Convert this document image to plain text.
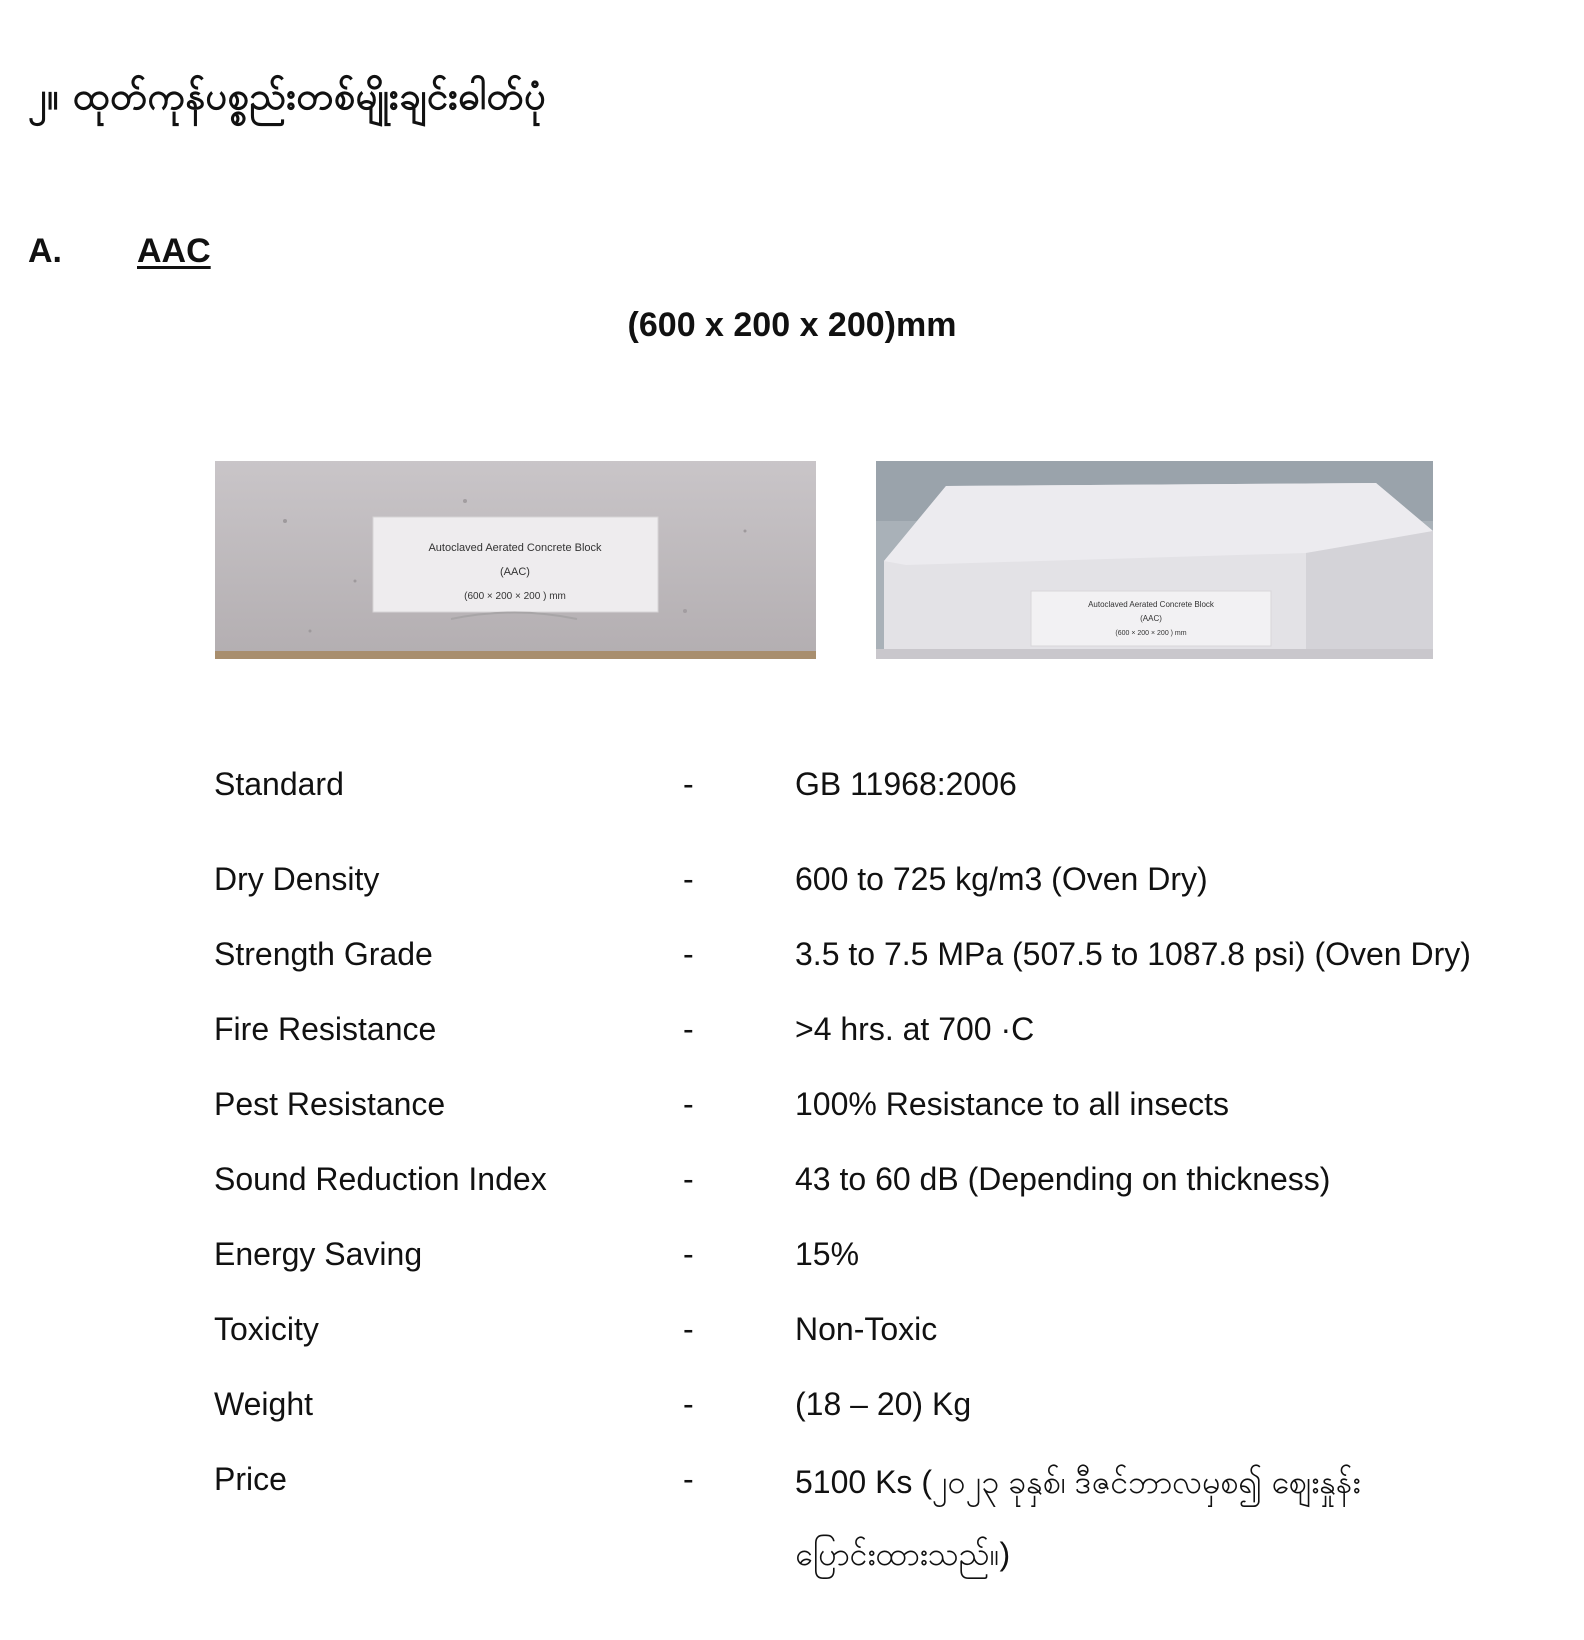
၂။ ထုတ်ကုန်ပစ္စည်းတစ်မျိုးချင်းဓါတ်ပုံ
A. AAC
(600 x 200 x 200)mm
Autoclaved Aerated Concrete Block
(AAC)
(600 × 200 × 200 ) mm
Autoclaved Aerated Concrete Block
(AAC)
(600 × 200 × 200 ) mm
Standard	-	GB 11968:2006
Dry Density	-	600 to 725 kg/m3 (Oven Dry)
Strength Grade	-	3.5 to 7.5 MPa (507.5 to 1087.8 psi) (Oven Dry)
Fire Resistance	-	>4 hrs. at 700 ·C
Pest Resistance	-	100% Resistance to all insects
Sound Reduction Index	-	43 to 60 dB (Depending on thickness)
Energy Saving	-	15%
Toxicity	-	Non-Toxic
Weight	-	(18 – 20) Kg
Price	-	5100 Ks (၂၀၂၃ ခုနှစ်၊ ဒီဇင်ဘာလမှစ၍ ဈေးနှုန်း
ပြောင်းထားသည်။)
